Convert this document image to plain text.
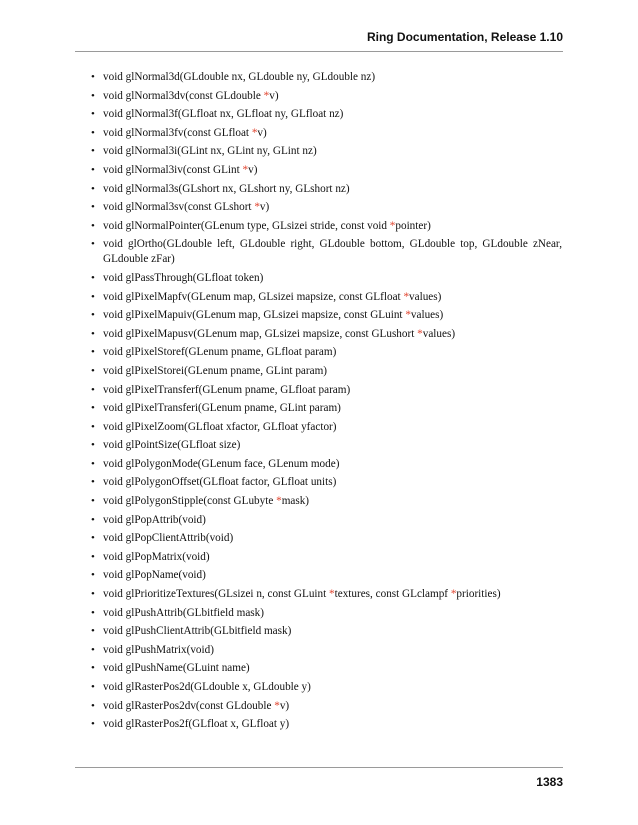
Ring Documentation, Release 1.10
• void glNormal3d(GLdouble nx, GLdouble ny, GLdouble nz)
• void glNormal3dv(const GLdouble *v)
• void glNormal3f(GLfloat nx, GLfloat ny, GLfloat nz)
• void glNormal3fv(const GLfloat *v)
• void glNormal3i(GLint nx, GLint ny, GLint nz)
• void glNormal3iv(const GLint *v)
• void glNormal3s(GLshort nx, GLshort ny, GLshort nz)
• void glNormal3sv(const GLshort *v)
• void glNormalPointer(GLenum type, GLsizei stride, const void *pointer)
• void glOrtho(GLdouble left, GLdouble right, GLdouble bottom, GLdouble top, GLdouble zNear, GLdouble zFar)
• void glPassThrough(GLfloat token)
• void glPixelMapfv(GLenum map, GLsizei mapsize, const GLfloat *values)
• void glPixelMapuiv(GLenum map, GLsizei mapsize, const GLuint *values)
• void glPixelMapusv(GLenum map, GLsizei mapsize, const GLushort *values)
• void glPixelStoref(GLenum pname, GLfloat param)
• void glPixelStorei(GLenum pname, GLint param)
• void glPixelTransferf(GLenum pname, GLfloat param)
• void glPixelTransferi(GLenum pname, GLint param)
• void glPixelZoom(GLfloat xfactor, GLfloat yfactor)
• void glPointSize(GLfloat size)
• void glPolygonMode(GLenum face, GLenum mode)
• void glPolygonOffset(GLfloat factor, GLfloat units)
• void glPolygonStipple(const GLubyte *mask)
• void glPopAttrib(void)
• void glPopClientAttrib(void)
• void glPopMatrix(void)
• void glPopName(void)
• void glPrioritizeTextures(GLsizei n, const GLuint *textures, const GLclampf *priorities)
• void glPushAttrib(GLbitfield mask)
• void glPushClientAttrib(GLbitfield mask)
• void glPushMatrix(void)
• void glPushName(GLuint name)
• void glRasterPos2d(GLdouble x, GLdouble y)
• void glRasterPos2dv(const GLdouble *v)
• void glRasterPos2f(GLfloat x, GLfloat y)
1383
